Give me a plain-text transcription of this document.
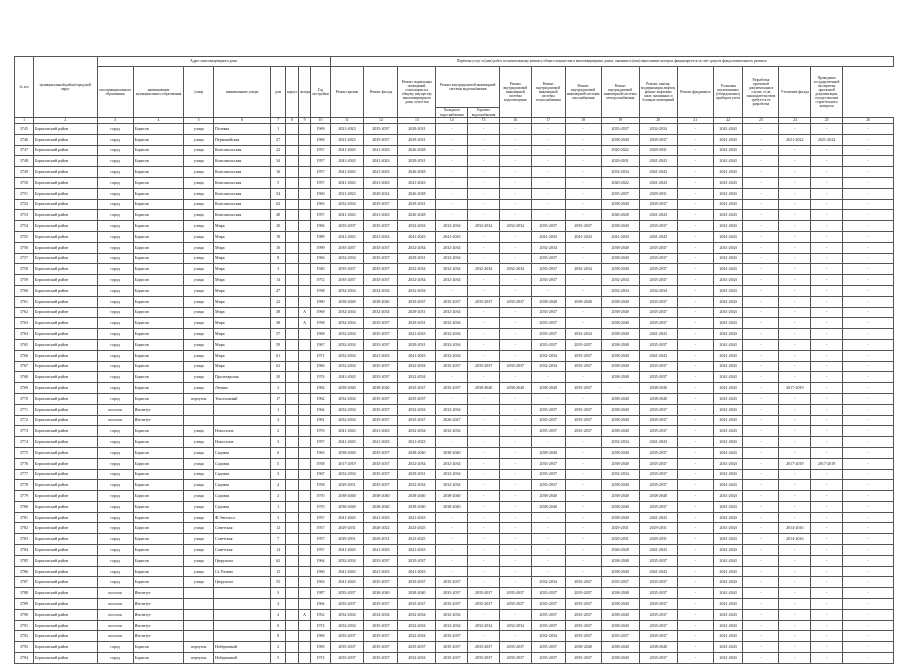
№ п/п	муниципальный район/городской округ	Адрес многоквартирного дома								Перечень услуг и (или) работ по капитальному ремонту общего имущества в многоквартирных домах, оказание и (или) выполнение которых финансируется за счет средств фонда капитального ремонта															
		тип муниципального образования	наименование муниципального образования	улица	наименование улицы	дом	корпус	литера	Год постройки	Ремонт крыши	Ремонт фасада	Ремонт подвальных помещений, относящихся к общему имуществу многоквартирного дома, отмостки	Ремонт внутридомовой инженерной системы водоснабжения		Ремонт внутридомовой инженерной системы водоотведения	Ремонт внутридомовой инженерной системы теплоснабжения	Ремонт внутридомовой инженерной системы газоснабжения	Ремонт внутридомовой инженерной системы электроснабжения	Ремонт, замена, модернизация лифтов, ремонт лифтовых шахт, машинных и блочных помещений	Ремонт фундамента	Установка коллективных (общедомовых) приборов учета	Разработка проектной документации в случае, если законодательством требуется ее разработка	Утепление фасада	Проведение государственной экспертизы проектной документации, осуществление строительного контроля	
													Холодного водоснабжения	Горячего водоснабжения											
1	2	3	4	5	6	7	8	9	10	11	12	13	14	15	16	17	18	19	20	21	22	23	24	25	26
3745	Борисовский район	город	Борисов	улица	Полевая	1			1969	2021-2023	2035-2037	2029-2031	-	-	-	-	-	2035-2037	2032-2034	-	2041-2043	-	-	-	-
3746	Борисовский район	город	Борисов	улица	Первомайская	27			1969	2021-2023	2035-2037	2029-2031	-	-	-	-	-	2038-2040	2035-2037	-	2041-2043	-	2021-2022	2021-2022	-
3747	Борисовский район	город	Борисов	улица	Комсомольская	22			1957	2041-2043	2041-2043	2026-2028	-	-	-	-	-	2020-2022	2029-2031	-	2041-2043	-	-	-	-
3748	Борисовский район	город	Борисов	улица	Комсомольская	34			1957	2041-2043	2041-2043	2029-2031	-	-	-	-	-	2029-2031	2041-2043	-	2041-2043	-	-	-	-
3749	Борисовский район	город	Борисов	улица	Комсомольская	16			1957	2041-2043	2041-2043	2026-2028	-	-	-	-	-	2032-2034	2041-2043	-	2041-2043	-	-	-	-
3750	Борисовский район	город	Борисов	улица	Комсомольская	5			1957	2041-2043	2041-2043	2041-2043	-	-	-	-	-	2020-2022	2041-2043	-	2041-2043	-	-	-	-
3751	Борисовский район	город	Борисов	улица	Комсомольская	54			1960	2021-2023	2020-2022	2026-2028	-	-	-	-	-	2035-2037	2029-2031	-	2041-2043	-	-	-	-
3752	Борисовский район	город	Борисов	улица	Комсомольская	62			1965	2032-2034	2035-2037	2029-2031	-	-	-	-	-	2038-2040	2035-2037	-	2041-2043	-	-	-	-
3753	Борисовский район	город	Борисов	улица	Комсомольская	40			1957	2041-2043	2041-2043	2026-2028	-	-	-	-	-	2026-2028	2041-2043	-	2041-2043	-	-	-	-
3754	Борисовский район	город	Борисов	улица	Мира	20			1984	2035-2037	2035-2037	2032-2034	2032-2034	2032-2034	2032-2034	2035-2037	2035-2037	2038-2040	2035-2037	-	2041-2043	-	-	-	-
3755	Борисовский район	город	Борисов	улица	Мира	18			1989	2041-2043	2041-2043	2041-2043	2041-2043	-	-	2041-2043	2041-2043	2041-2043	2041-2043	-	2041-2043	-	-	-	-
3756	Борисовский район	город	Борисов	улица	Мира	10			1999	2035-2037	2035-2037	2032-2034	2032-2034	-	-	2032-2034	-	2038-2040	2035-2037	-	2041-2043	-	-	-	-
3757	Борисовский район	город	Борисов	улица	Мира	8			1966	2032-2034	2035-2037	2029-2031	2032-2034	-	-	2035-2037	-	2038-2040	2035-2037	-	2041-2043	-	-	-	-
3758	Борисовский район	город	Борисов	улица	Мира	3			1940	2035-2037	2035-2037	2032-2034	2032-2034	2032-2034	2032-2034	2035-2037	2032-2034	2038-2040	2035-2037	-	2041-2043	-	-	-	-
3759	Борисовский район	город	Борисов	улица	Мира	14			1972	2035-2037	2035-2037	2032-2034	2032-2034	-	-	2035-2037	-	2032-2034	2035-2037	-	2041-2043	-	-	-	-
3760	Борисовский район	город	Борисов	улица	Мира	47			1938	2032-2034	2032-2034	2032-2034	-	-	-	-	-	2032-2034	2032-2034	-	2041-2043	-	-	-	-
3761	Борисовский район	город	Борисов	улица	Мира	22			1990	2038-2040	2038-2040	2035-2037	2035-2037	2035-2037	2035-2037	2038-2040	2038-2040	2038-2040	2035-2037	-	2041-2043	-	-	-	-
3762	Борисовский район	город	Борисов	улица	Мира	38		А	1969	2032-2034	2032-2034	2029-2031	2032-2034	-	-	2035-2037	-	2038-2040	2035-2037	-	2041-2043	-	-	-	-
3763	Борисовский район	город	Борисов	улица	Мира	38		А	1958	2032-2034	2035-2037	2029-2031	2032-2034	-	-	2035-2037	-	2038-2040	2035-2037	-	2041-2043	-	-	-	-
3764	Борисовский район	город	Борисов	улица	Мира	57			1968	2032-2034	2035-2037	2041-2043	2032-2034	-	-	2035-2037	2032-2034	2038-2040	2041-2043	-	2041-2043	-	-	-	-
3765	Борисовский район	город	Борисов	улица	Мира	59			1967	2032-2034	2035-2037	2029-2031	2032-2034	-	-	2035-2037	2035-2037	2038-2040	2035-2037	-	2041-2043	-	-	-	-
3766	Борисовский район	город	Борисов	улица	Мира	61			1971	2032-2034	2041-2043	2041-2043	2032-2034	-	-	2032-2034	2035-2037	2038-2040	2041-2043	-	2041-2043	-	-	-	-
3767	Борисовский район	город	Борисов	улица	Мира	62			1966	2032-2034	2035-2037	2032-2034	2035-2037	2035-2037	2035-2037	2032-2034	2035-2037	2038-2040	2035-2037	-	2041-2043	-	-	-	-
3768	Борисовский район	город	Борисов	улица	Пролетарская	20			1974	2041-2043	2035-2037	2032-2034	-	-	-	-	-	2038-2040	2035-2037	-	2041-2043	-	-	-	-
3769	Борисовский район	город	Борисов	улица	Ленина	2			1982	2038-2040	2038-2040	2035-2037	2035-2037	2038-2040	2038-2040	2038-2040	2035-2037	-	2038-2040	-	2041-2043	-	2017-2019	-	-
3770	Борисовский район	город	Борисов	переулок	Текстильный	17			1962	2032-2034	2035-2037	2035-2037	-	-	-	-	-	2038-2040	2038-2040	-	2041-2043	-	-	-	-
3771	Борисовский район	поселок	Институт			1			1964	2032-2034	2035-2037	2032-2034	2032-2034	-	-	2035-2037	2035-2037	2038-2040	2035-2037	-	2041-2043	-	-	-	-
3772	Борисовский район	поселок	Институт			4			1981	2032-2034	2035-2037	2035-2037	2026-2027	-	-	2035-2037	2035-2037	2038-2040	2035-2037	-	2041-2043	-	-	-	-
3773	Борисовский район	город	Борисов	улица	Новоселов	2			1976	2041-2043	2041-2043	2032-2034	2032-2034	-	-	2035-2037	2035-2037	2038-2040	2035-2037	-	2041-2043	-	-	-	-
3774	Борисовский район	город	Борисов	улица	Новоселов	3			1957	2041-2043	2041-2043	2021-2023	-	-	-	-	-	2032-2034	2041-2043	-	2041-2043	-	-	-	-
3775	Борисовский район	город	Борисов	улица	Садовая	6			1963	2038-2040	2035-2037	2038-2040	2038-2040	-	-	2038-2040	-	2038-2040	2035-2037	-	2041-2043	-	-	-	-
3776	Борисовский район	город	Борисов	улица	Садовая	5			1958	2017-2019	2035-2037	2032-2034	2032-2034	-	-	2035-2037	-	2038-2040	2035-2037	-	2041-2043	-	2017-2019	2017-2019	-
3777	Борисовский район	город	Борисов	улица	Садовая	3			1967	2032-2034	2035-2037	2029-2031	2032-2034	-	-	2035-2037	-	2032-2034	2035-2037	-	2041-2043	-	-	-	-
3778	Борисовский район	город	Борисов	улица	Садовая	4			1958	2029-2031	2035-2037	2032-2034	2032-2034	-	-	2035-2037	-	2038-2040	2035-2037	-	2041-2043	-	-	-	-
3779	Борисовский район	город	Борисов	улица	Садовая	2			1970	2038-2040	2038-2040	2038-2040	2038-2040	-	-	2038-2040	-	2038-2040	2038-2040	-	2041-2043	-	-	-	-
3780	Борисовский район	город	Борисов	улица	Садовая	1			1970	2038-2040	2038-2040	2038-2040	2038-2040	-	-	2038-2040	-	2038-2040	2035-2037	-	2041-2043	-	-	-	-
3781	Борисовский район	город	Борисов	улица	Ф.Энгельса	3			1957	2041-2043	2041-2043	2041-2043	-	-	-	-	-	2038-2040	2041-2043	-	2041-2043	-	-	-	-
3782	Борисовский район	город	Борисов	улица	Советская	12			1957	2029-2031	2020-2022	2023-2025	-	-	-	-	-	2029-2031	2029-2031	-	2041-2043	-	2014-2016	-	-
3783	Борисовский район	город	Борисов	улица	Советская	7			1957	2029-2031	2029-2031	2023-2025	-	-	-	-	-	2029-2031	2029-2031	-	2041-2043	-	2014-2016	-	-
3784	Борисовский район	город	Борисов	улица	Советская	14			1957	2041-2043	2041-2043	2041-2043	-	-	-	-	-	2026-2028	2041-2043	-	2041-2043	-	-	-	-
3785	Борисовский район	город	Борисов	улица	Цюрупопа	62			1964	2032-2034	2035-2037	2035-2037	-	-	-	-	-	2038-2040	2035-2037	-	2041-2043	-	-	-	-
3786	Борисовский район	город	Борисов	улица	Ст. Разина	15			1960	2041-2043	2041-2043	2041-2043	-	-	-	-	-	2038-2040	2041-2043	-	2041-2043	-	-	-	-
3787	Борисовский район	город	Борисов	улица	Цюрупопа	55			1963	2041-2043	2035-2037	2035-2037	2035-2037	-	-	2032-2034	2035-2037	2035-2037	2035-2037	-	2041-2043	-	-	-	-
3788	Борисовский район	поселок	Институт			3			1987	2035-2037	2038-2040	2038-2040	2035-2037	2035-2037	2035-2037	2035-2037	2035-2037	2038-2040	2035-2037	-	2041-2043	-	-	-	-
3789	Борисовский район	поселок	Институт			4			1964	2035-2037	2035-2037	2035-2037	2035-2037	2035-2037	2035-2037	2035-2037	2035-2037	2038-2040	2035-2037	-	2041-2043	-	-	-	-
3790	Борисовский район	поселок	Институт			4		А	1952	2032-2034	2032-2034	2032-2034	2032-2034	-	-	2035-2037	2035-2037	2038-2040	2035-2037	-	2041-2043	-	-	-	-
3791	Борисовский район	поселок	Институт			6			1974	2032-2034	2035-2037	2032-2034	2032-2034	2032-2034	2032-2034	2035-2037	2035-2037	2038-2040	2035-2037	-	2041-2043	-	-	-	-
3792	Борисовский район	поселок	Институт			8			1969	2035-2037	2035-2037	2032-2034	2035-2037	-	-	2032-2034	2035-2037	2035-2037	2035-2037	-	2041-2043	-	-	-	-
3793	Борисовский район	город	Борисов	переулок	Набережный	2			1983	2035-2037	2035-2037	2035-2037	2035-2037	2035-2037	2035-2037	2035-2037	2038-2040	2038-2040	2038-2040	-	2041-2043	-	-	-	-
3794	Борисовский район	город	Борисов	переулок	Набережный	5			1974	2035-2037	2035-2037	2032-2034	2035-2037	2035-2037	2035-2037	2035-2037	2035-2037	2038-2040	2035-2037	-	2041-2043	-	-	-	-
